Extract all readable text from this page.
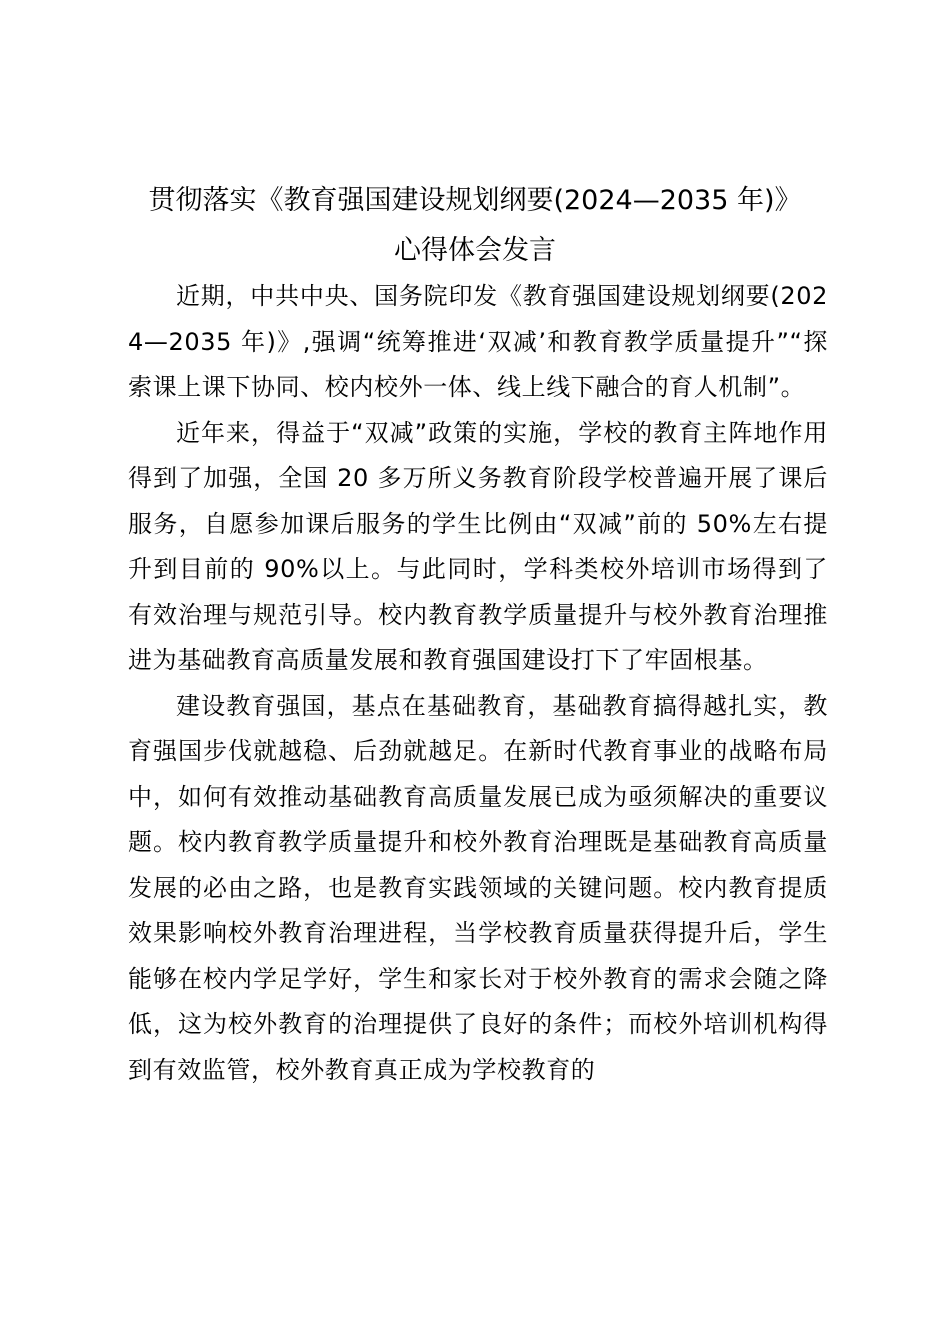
贯彻落实《教育强国建设规划纲要(2024—2035 年)》
心得体会发言

近期，中共中央、国务院印发《教育强国建设规划纲要(2024—2035 年)》,强调“统筹推进‘双减’和教育教学质量提升”“探索课上课下协同、校内校外一体、线上线下融合的育人机制”。

近年来，得益于“双减”政策的实施，学校的教育主阵地作用得到了加强，全国 20 多万所义务教育阶段学校普遍开展了课后服务，自愿参加课后服务的学生比例由“双减”前的 50%左右提升到目前的 90%以上。与此同时，学科类校外培训市场得到了有效治理与规范引导。校内教育教学质量提升与校外教育治理推进为基础教育高质量发展和教育强国建设打下了牢固根基。

建设教育强国，基点在基础教育，基础教育搞得越扎实，教育强国步伐就越稳、后劲就越足。在新时代教育事业的战略布局中，如何有效推动基础教育高质量发展已成为亟须解决的重要议题。校内教育教学质量提升和校外教育治理既是基础教育高质量发展的必由之路，也是教育实践领域的关键问题。校内教育提质效果影响校外教育治理进程，当学校教育质量获得提升后，学生能够在校内学足学好，学生和家长对于校外教育的需求会随之降低，这为校外教育的治理提供了良好的条件；而校外培训机构得到有效监管，校外教育真正成为学校教育的
